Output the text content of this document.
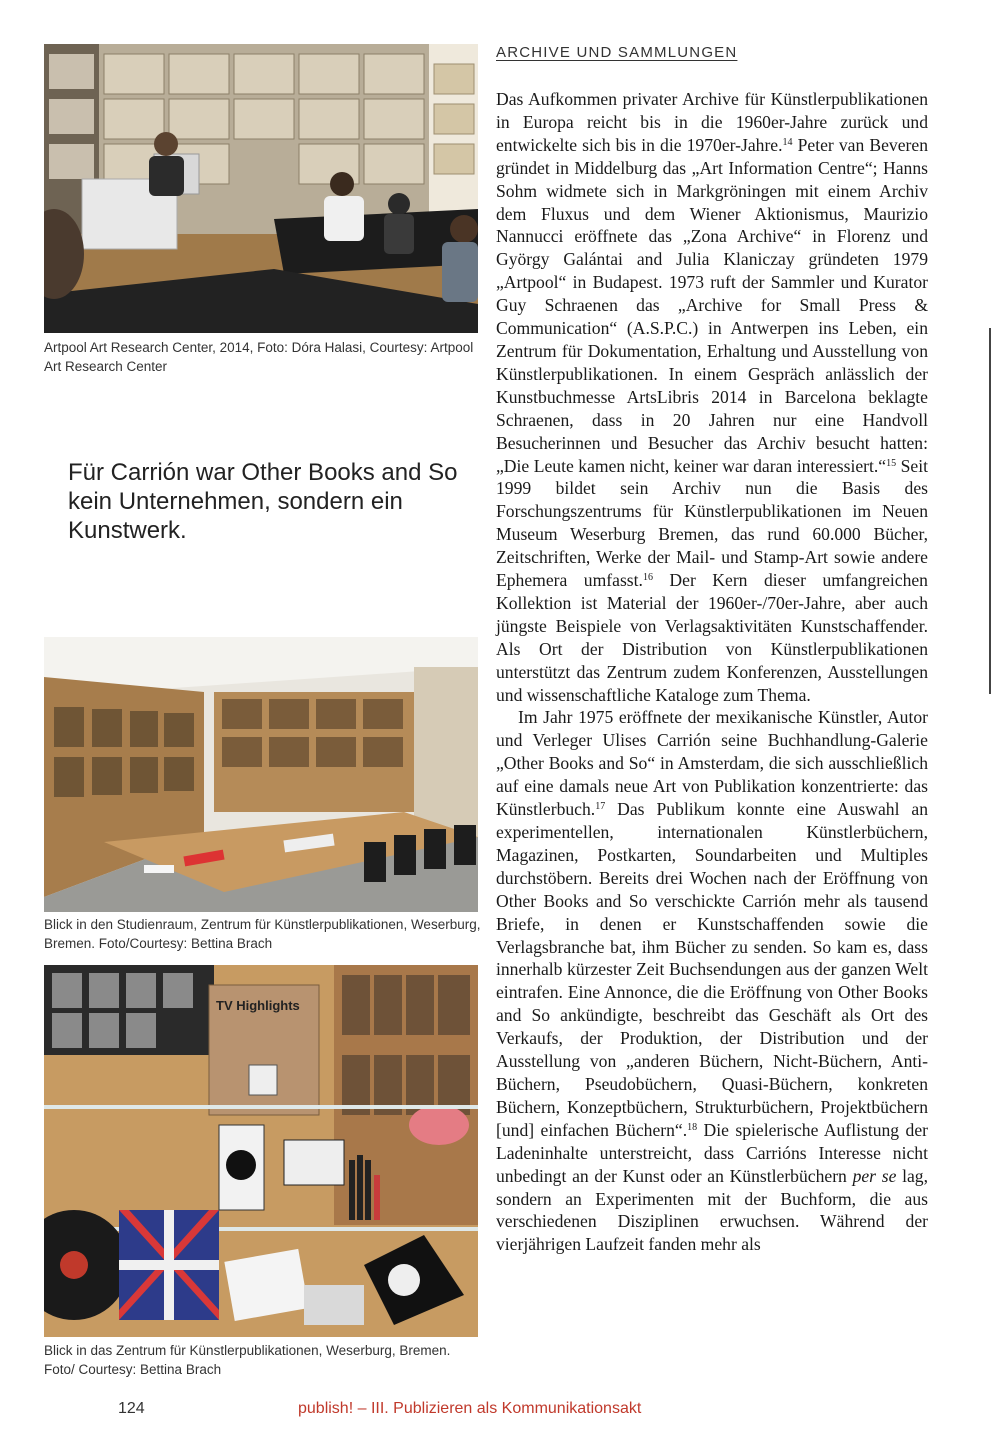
Artpool Art Research Center, 2014, Foto: Dóra Halasi, Courtesy: Artpool Art Research Center
Für Carrión war Other Books and So kein Unternehmen, sondern ein Kunstwerk.
Blick in den Studienraum, Zentrum für Künstlerpublikationen, Weserburg, Bremen. Foto/Courtesy: Bettina Brach
TV Highlights
Blick in das Zentrum für Künstlerpublikationen, Weserburg, Bremen. Foto/ Courtesy: Bettina Brach
ARCHIVE UND SAMMLUNGEN

Das Aufkommen privater Archive für Künstlerpublikationen in Europa reicht bis in die 1960er-Jahre zurück und entwickelte sich bis in die 1970er-Jahre.$^{14}$ Peter van Beveren gründet in Middelburg das „Art Information Centre“; Hanns Sohm widmete sich in Markgröningen mit einem Archiv dem Fluxus und dem Wiener Aktionismus, Maurizio Nannucci eröffnete das „Zona Archive“ in Florenz und György Galántai and Julia Klaniczay gründeten 1979 „Artpool“ in Budapest. 1973 ruft der Sammler und Kurator Guy Schraenen das „Archive for Small Press & Communication“ (A.S.P.C.) in Antwerpen ins Leben, ein Zentrum für Dokumentation, Erhaltung und Ausstellung von Künstlerpublikationen. In einem Gespräch anlässlich der Kunstbuchmesse ArtsLibris 2014 in Barcelona beklagte Schraenen, dass in 20 Jahren nur eine Handvoll Besucherinnen und Besucher das Archiv besucht hatten: „Die Leute kamen nicht, keiner war daran interessiert.“$^{15}$ Seit 1999 bildet sein Archiv nun die Basis des Forschungszentrums für Künstlerpublikationen im Neuen Museum Weserburg Bremen, das rund 60.000 Bücher, Zeitschriften, Werke der Mail- und Stamp-Art sowie andere Ephemera umfasst.$^{16}$ Der Kern dieser umfangreichen Kollektion ist Material der 1960er-/70er-Jahre, aber auch jüngste Beispiele von Verlagsaktivitäten Kunstschaffender. Als Ort der Distribution von Künstlerpublikationen unterstützt das Zentrum zudem Konferenzen, Ausstellungen und wissenschaftliche Kataloge zum Thema.

Im Jahr 1975 eröffnete der mexikanische Künstler, Autor und Verleger Ulises Carrión seine Buchhandlung-Galerie „Other Books and So“ in Amsterdam, die sich ausschließlich auf eine damals neue Art von Publikation konzentrierte: das Künstlerbuch.$^{17}$ Das Publikum konnte eine Auswahl an experimentellen, internationalen Künstlerbüchern, Magazinen, Postkarten, Soundarbeiten und Multiples durchstöbern. Bereits drei Wochen nach der Eröffnung von Other Books and So verschickte Carrión mehr als tausend Briefe, in denen er Kunstschaffenden sowie die Verlagsbranche bat, ihm Bücher zu senden. So kam es, dass innerhalb kürzester Zeit Buchsendungen aus der ganzen Welt eintrafen. Eine Annonce, die die Eröffnung von Other Books and So ankündigte, beschreibt das Geschäft als Ort des Verkaufs, der Produktion, der Distribution und der Ausstellung von „anderen Büchern, Nicht-Büchern, Anti-Büchern, Pseudobüchern, Quasi-Büchern, konkreten Büchern, Konzeptbüchern, Strukturbüchern, Projektbüchern [und] einfachen Büchern“.$^{18}$ Die spielerische Auflistung der Ladeninhalte unterstreicht, dass Carrións Interesse nicht unbedingt an der Kunst oder an Künstlerbüchern per se lag, sondern an Experimenten mit der Buchform, die aus verschiedenen Disziplinen erwuchsen. Während der vierjährigen Laufzeit fanden mehr als

124	publish! – III. Publizieren als Kommunikationsakt
